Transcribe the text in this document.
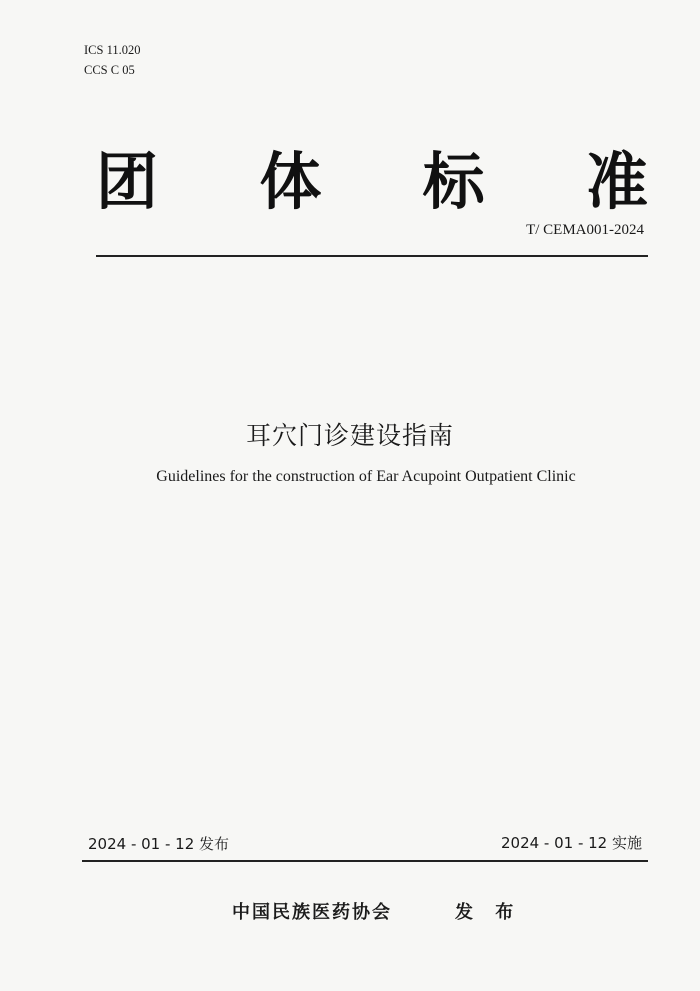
ICS 11.020
CCS C 05
团 体 标 准
T/ CEMA001-2024
耳穴门诊建设指南
Guidelines for the construction of Ear Acupoint Outpatient Clinic
2024 - 01 - 12 发布	2024 - 01 - 12 实施
中国民族医药协会	发 布
